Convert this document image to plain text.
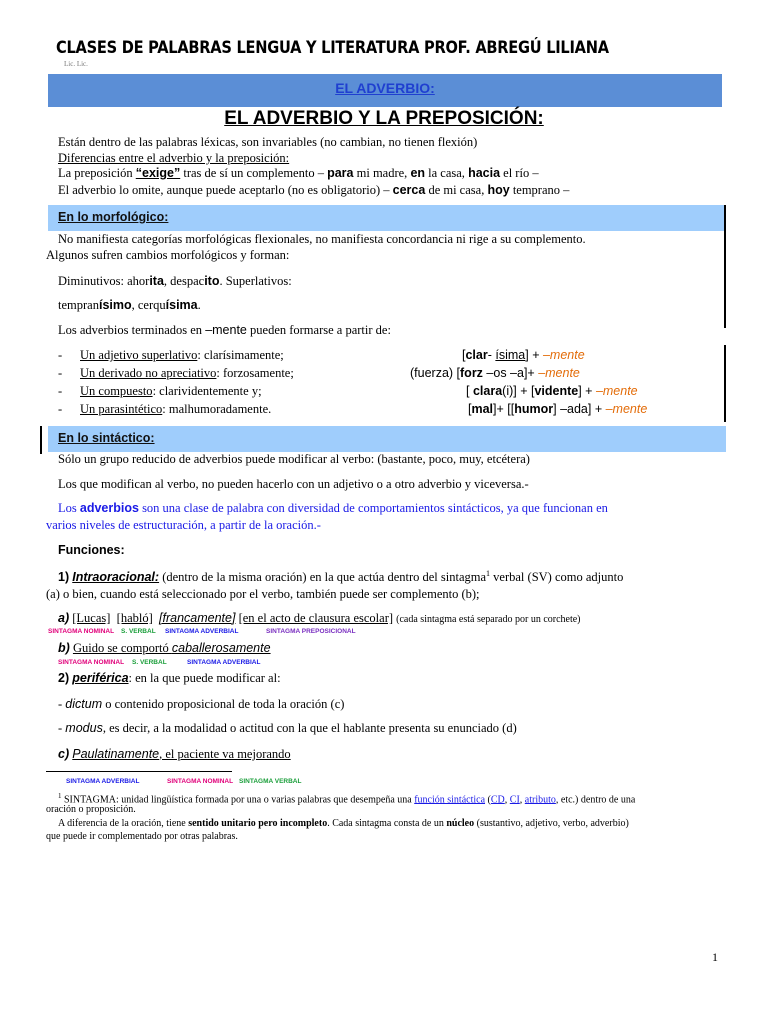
CLASES DE PALABRAS LENGUA Y LITERATURA PROF. ABREGÚ LILIANA
Lic. Lic.
EL ADVERBIO:
EL ADVERBIO Y LA PREPOSICIÓN:
Están dentro de las palabras léxicas, son invariables (no cambian, no tienen flexión)
Diferencias entre el adverbio y la preposición:
La preposición “exige” tras de sí un complemento – para mi madre, en la casa, hacia el río –
El adverbio lo omite, aunque puede aceptarlo (no es obligatorio) – cerca de mi casa, hoy temprano –
En lo morfológico:
No manifiesta categorías morfológicas flexionales, no manifiesta concordancia ni rige a su complemento.
Algunos sufren cambios morfológicos y forman:
Diminutivos: ahorita, despacito. Superlativos:
tempranísimo, cerquísima.
Los adverbios terminados en –mente pueden formarse a partir de:
- Un adjetivo superlativo: clarísimamente;	[clar- ísima] + –mente
- Un derivado no apreciativo: forzosamente;	(fuerza) [forz –os –a]+ –mente
- Un compuesto: clarividentemente y;	[ clara(i)] + [vidente] + –mente
- Un parasintético: malhumoradamente.	[mal]+ [[humor] –ada] + –mente
En lo sintáctico:
Sólo un grupo reducido de adverbios puede modificar al verbo: (bastante, poco, muy, etcétera)
Los que modifican al verbo, no pueden hacerlo con un adjetivo o a otro adverbio y viceversa.-
Los adverbios son una clase de palabra con diversidad de comportamientos sintácticos, ya que funcionan en
varios niveles de estructuración, a partir de la oración.-
Funciones:
1) Intraoracional: (dentro de la misma oración) en la que actúa dentro del sintagma$^1$ verbal (SV) como adjunto
(a) o bien, cuando está seleccionado por el verbo, también puede ser complemento (b);
a) [Lucas] [habló] [francamente] [en el acto de clausura escolar] (cada sintagma está separado por un corchete)
SINTAGMA NOMINAL S. VERBAL SINTAGMA ADVERBIAL	SINTAGMA PREPOSICIONAL
b) Guido se comportó caballerosamente
SINTAGMA NOMINAL S. VERBAL	SINTAGMA ADVERBIAL
2) periférica: en la que puede modificar al:
- dictum o contenido proposicional de toda la oración (c)
- modus, es decir, a la modalidad o actitud con la que el hablante presenta su enunciado (d)
c) Paulatinamente, el paciente va mejorando
SINTAGMA ADVERBIAL	SINTAGMA NOMINAL SINTAGMA VERBAL
$^1$ SINTAGMA: unidad lingüística formada por una o varias palabras que desempeña una función sintáctica (CD, CI, atributo, etc.) dentro de una
oración o proposición.
A diferencia de la oración, tiene sentido unitario pero incompleto. Cada sintagma consta de un núcleo (sustantivo, adjetivo, verbo, adverbio)
que puede ir complementado por otras palabras.
1
